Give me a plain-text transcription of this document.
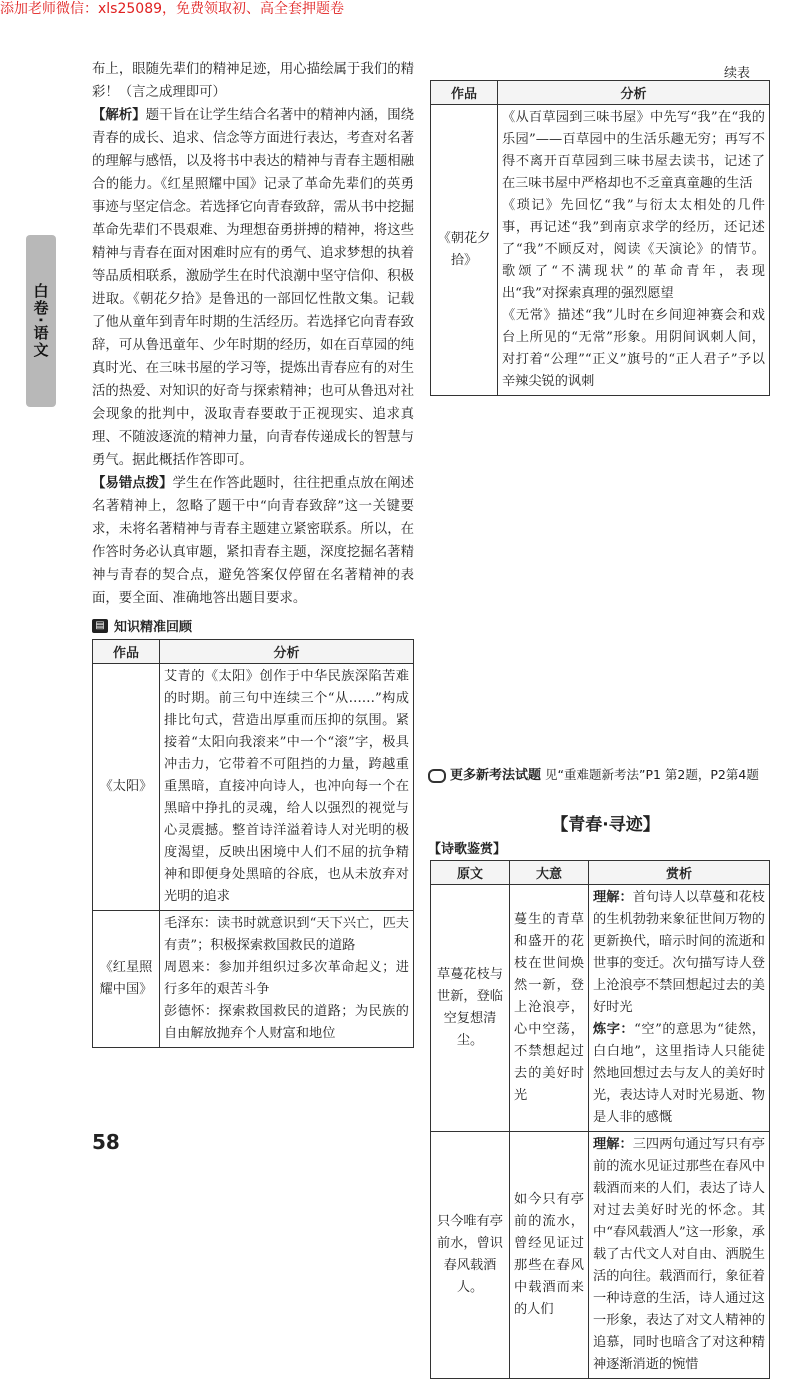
添加老师微信：xls25089，免费领取初、高全套押题卷
白卷·语文

布上，眼随先辈们的精神足迹，用心描绘属于我们的精彩！（言之成理即可）

【解析】题干旨在让学生结合名著中的精神内涵，围绕青春的成长、追求、信念等方面进行表达，考查对名著的理解与感悟，以及将书中表达的精神与青春主题相融合的能力。《红星照耀中国》记录了革命先辈们的英勇事迹与坚定信念。若选择它向青春致辞，需从书中挖掘革命先辈们不畏艰难、为理想奋勇拼搏的精神，将这些精神与青春在面对困难时应有的勇气、追求梦想的执着等品质相联系，激励学生在时代浪潮中坚守信仰、积极进取。《朝花夕拾》是鲁迅的一部回忆性散文集。记载了他从童年到青年时期的生活经历。若选择它向青春致辞，可从鲁迅童年、少年时期的经历，如在百草园的纯真时光、在三味书屋的学习等，提炼出青春应有的对生活的热爱、对知识的好奇与探索精神；也可从鲁迅对社会现象的批判中，汲取青春要敢于正视现实、追求真理、不随波逐流的精神力量，向青春传递成长的智慧与勇气。据此概括作答即可。

【易错点拨】学生在作答此题时，往往把重点放在阐述名著精神上，忽略了题干中“向青春致辞”这一关键要求，未将名著精神与青春主题建立紧密联系。所以，在作答时务必认真审题，紧扣青春主题，深度挖掘名著精神与青春的契合点，避免答案仅停留在名著精神的表面，要全面、准确地答出题目要求。

▤ 知识精准回顾
作品	分析
《太阳》	艾青的《太阳》创作于中华民族深陷苦难的时期。前三句中连续三个“从……”构成排比句式，营造出厚重而压抑的氛围。紧接着“太阳向我滚来”中一个“滚”字，极具冲击力，它带着不可阻挡的力量，跨越重重黑暗，直接冲向诗人，也冲向每一个在黑暗中挣扎的灵魂，给人以强烈的视觉与心灵震撼。整首诗洋溢着诗人对光明的极度渴望，反映出困境中人们不屈的抗争精神和即便身处黑暗的谷底，也从未放弃对光明的追求
《红星照耀中国》	毛泽东：读书时就意识到“天下兴亡，匹夫有责”；积极探索救国救民的道路
周恩来：参加并组织过多次革命起义；进行多年的艰苦斗争
彭德怀：探索救国救民的道路；为民族的自由解放抛弃个人财富和地位
续表
作品	分析
《朝花夕拾》	《从百草园到三味书屋》中先写“我”在“我的乐园”——百草园中的生活乐趣无穷；再写不得不离开百草园到三味书屋去读书，记述了在三味书屋中严格却也不乏童真童趣的生活
《琐记》先回忆“我”与衍太太相处的几件事，再记述“我”到南京求学的经历，还记述了“我”不顾反对，阅读《天演论》的情节。歌颂了“不满现状”的革命青年，表现出“我”对探索真理的强烈愿望
《无常》描述“我”儿时在乡间迎神赛会和戏台上所见的“无常”形象。用阴间讽刺人间，对打着“公理”“正义”旗号的“正人君子”予以辛辣尖锐的讽刺
更多新考法试题 见“重难题新考法”P1 第2题，P2第4题
【青春·寻迹】
【诗歌鉴赏】
原文	大意	赏析
草蔓花枝与世新，登临空复想清尘。	蔓生的青草和盛开的花枝在世间焕然一新，登上沧浪亭，心中空荡，不禁想起过去的美好时光	理解：首句诗人以草蔓和花枝的生机勃勃来象征世间万物的更新换代，暗示时间的流逝和世事的变迁。次句描写诗人登上沧浪亭不禁回想起过去的美好时光
炼字：“空”的意思为“徒然，白白地”，这里指诗人只能徒然地回想过去与友人的美好时光，表达诗人对时光易逝、物是人非的感慨
只今唯有亭前水，曾识春风载酒人。	如今只有亭前的流水，曾经见证过那些在春风中载酒而来的人们	理解：三四两句通过写只有亭前的流水见证过那些在春风中载酒而来的人们，表达了诗人对过去美好时光的怀念。其中“春风载酒人”这一形象，承载了古代文人对自由、洒脱生活的向往。载酒而行，象征着一种诗意的生活，诗人通过这一形象，表达了对文人精神的追慕，同时也暗含了对这种精神逐渐消逝的惋惜
58
